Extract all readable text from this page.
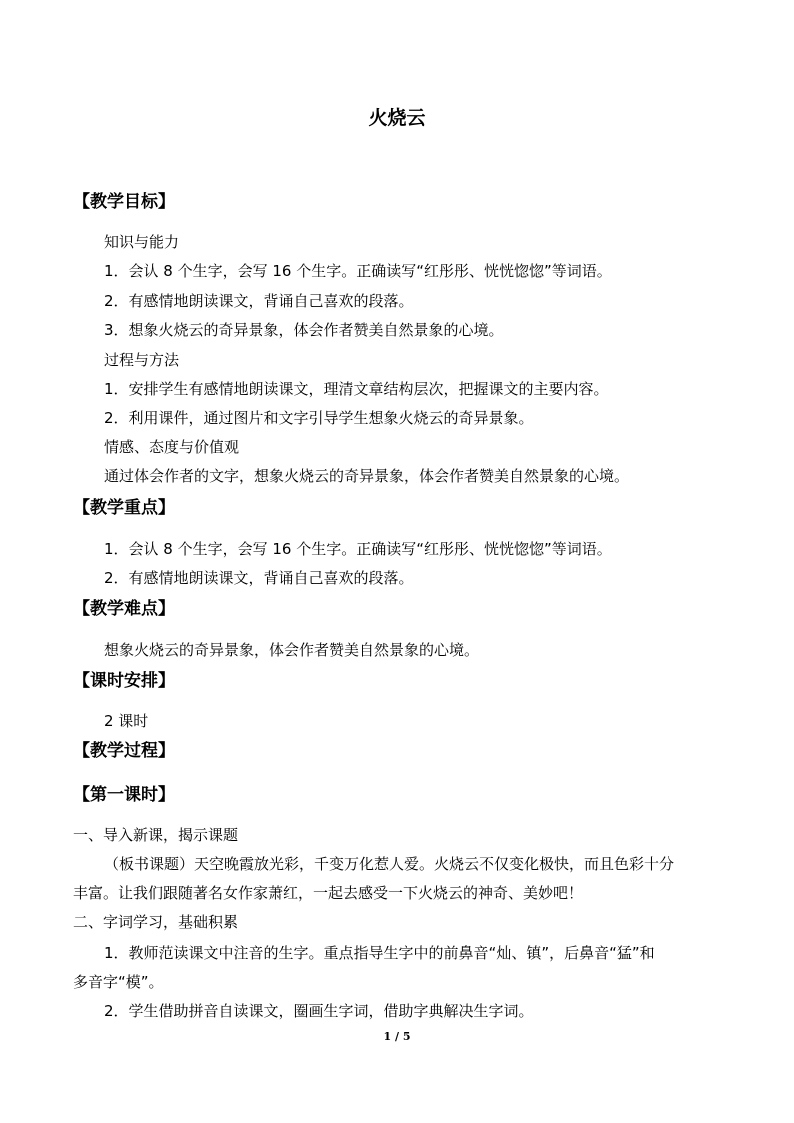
火烧云
【教学目标】
知识与能力
1．会认 8 个生字，会写 16 个生字。正确读写“红彤彤、恍恍惚惚”等词语。
2．有感情地朗读课文，背诵自己喜欢的段落。
3．想象火烧云的奇异景象，体会作者赞美自然景象的心境。
过程与方法
1．安排学生有感情地朗读课文，理清文章结构层次，把握课文的主要内容。
2．利用课件，通过图片和文字引导学生想象火烧云的奇异景象。
情感、态度与价值观
通过体会作者的文字，想象火烧云的奇异景象，体会作者赞美自然景象的心境。
【教学重点】
1．会认 8 个生字，会写 16 个生字。正确读写“红彤彤、恍恍惚惚”等词语。
2．有感情地朗读课文，背诵自己喜欢的段落。
【教学难点】
想象火烧云的奇异景象，体会作者赞美自然景象的心境。
【课时安排】
2 课时
【教学过程】
【第一课时】
一、导入新课，揭示课题
（板书课题）天空晚霞放光彩，千变万化惹人爱。火烧云不仅变化极快，而且色彩十分
丰富。让我们跟随著名女作家萧红，一起去感受一下火烧云的神奇、美妙吧！
二、字词学习，基础积累
1．教师范读课文中注音的生字。重点指导生字中的前鼻音“灿、镇”，后鼻音“猛”和
多音字“模”。
2．学生借助拼音自读课文，圈画生字词，借助字典解决生字词。
1 / 5
